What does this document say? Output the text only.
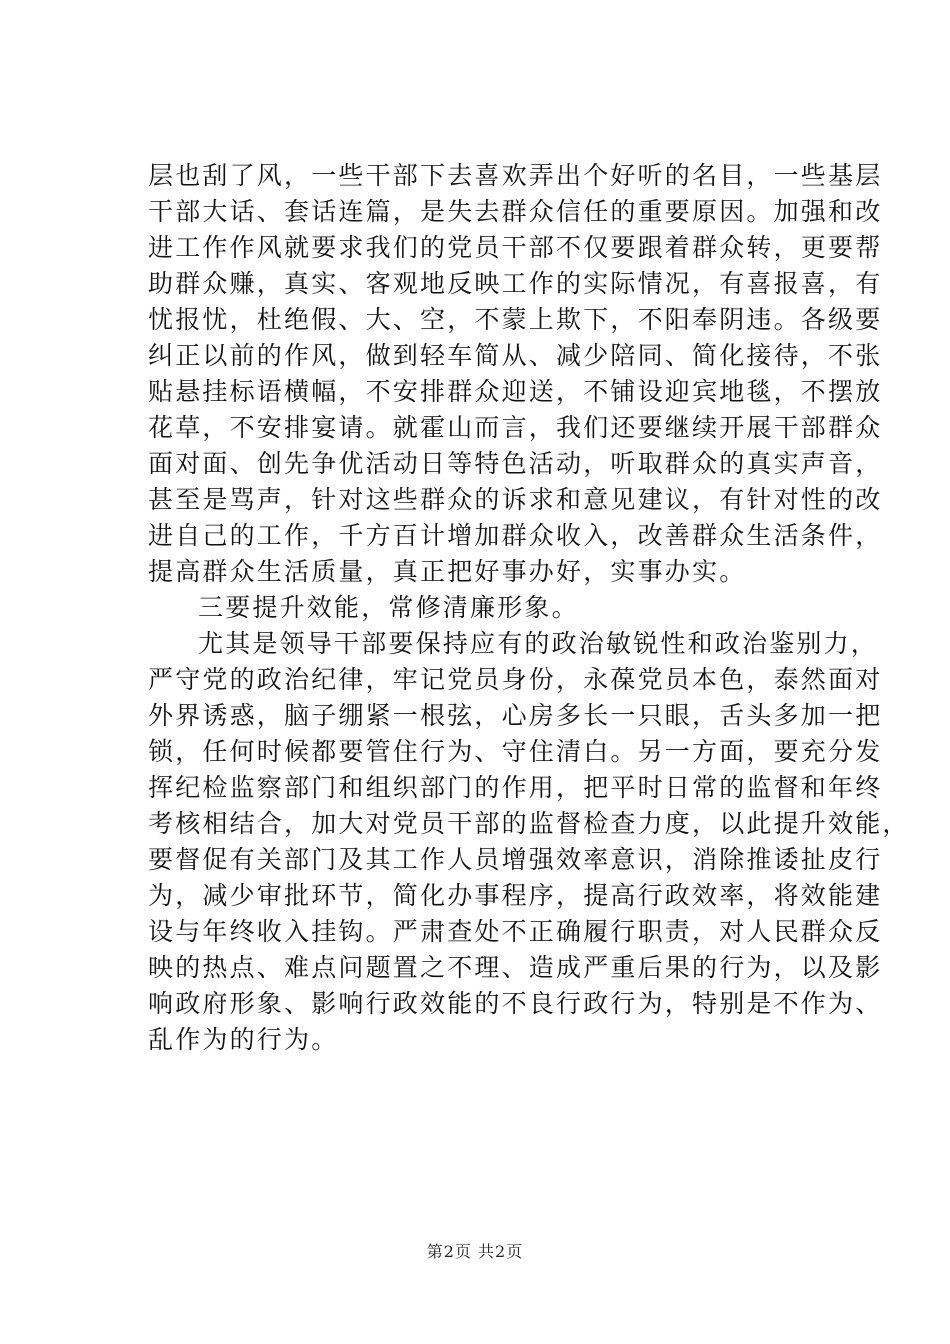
层也刮了风，一些干部下去喜欢弄出个好听的名目，一些基层
干部大话、套话连篇，是失去群众信任的重要原因。加强和改
进工作作风就要求我们的党员干部不仅要跟着群众转，更要帮
助群众赚，真实、客观地反映工作的实际情况，有喜报喜，有
忧报忧，杜绝假、大、空，不蒙上欺下，不阳奉阴违。各级要
纠正以前的作风，做到轻车简从、减少陪同、简化接待，不张
贴悬挂标语横幅，不安排群众迎送，不铺设迎宾地毯，不摆放
花草，不安排宴请。就霍山而言，我们还要继续开展干部群众
面对面、创先争优活动日等特色活动，听取群众的真实声音，
甚至是骂声，针对这些群众的诉求和意见建议，有针对性的改
进自己的工作，千方百计增加群众收入，改善群众生活条件，
提高群众生活质量，真正把好事办好，实事办实。
三要提升效能，常修清廉形象。
尤其是领导干部要保持应有的政治敏锐性和政治鉴别力，
严守党的政治纪律，牢记党员身份，永葆党员本色，泰然面对
外界诱惑，脑子绷紧一根弦，心房多长一只眼，舌头多加一把
锁，任何时候都要管住行为、守住清白。另一方面，要充分发
挥纪检监察部门和组织部门的作用，把平时日常的监督和年终
考核相结合，加大对党员干部的监督检查力度，以此提升效能，
要督促有关部门及其工作人员增强效率意识，消除推诿扯皮行
为，减少审批环节，简化办事程序，提高行政效率，将效能建
设与年终收入挂钩。严肃查处不正确履行职责，对人民群众反
映的热点、难点问题置之不理、造成严重后果的行为，以及影
响政府形象、影响行政效能的不良行政行为，特别是不作为、
乱作为的行为。
第2页 共2页
